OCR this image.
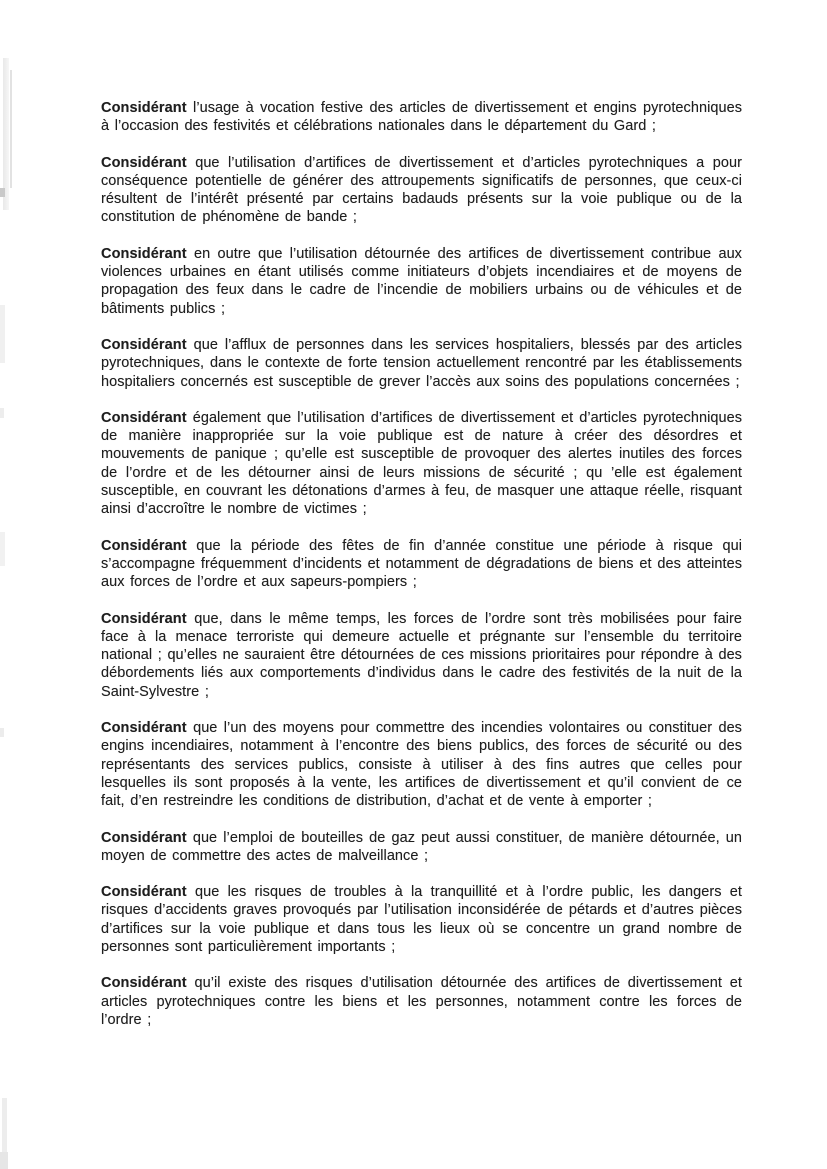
Considérant l’usage à vocation festive des articles de divertissement et engins pyrotechniques à l’occasion des festivités et célébrations nationales dans le département du Gard ;

Considérant que l’utilisation d’artifices de divertissement et d’articles pyrotechniques a pour conséquence potentielle de générer des attroupements significatifs de personnes, que ceux-ci résultent de l’intérêt présenté par certains badauds présents sur la voie publique ou de la constitution de phénomène de bande ;

Considérant en outre que l’utilisation détournée des artifices de divertissement contribue aux violences urbaines en étant utilisés comme initiateurs d’objets incendiaires et de moyens de propagation des feux dans le cadre de l’incendie de mobiliers urbains ou de véhicules et de bâtiments publics ;

Considérant que l’afflux de personnes dans les services hospitaliers, blessés par des articles pyrotechniques, dans le contexte de forte tension actuellement rencontré par les établissements hospitaliers concernés est susceptible de grever l’accès aux soins des populations concernées ;

Considérant également que l’utilisation d’artifices de divertissement et d’articles pyrotechniques de manière inappropriée sur la voie publique est de nature à créer des désordres et mouvements de panique ; qu’elle est susceptible de provoquer des alertes inutiles des forces de l’ordre et de les détourner ainsi de leurs missions de sécurité ; qu ’elle est également susceptible, en couvrant les détonations d’armes à feu, de masquer une attaque réelle, risquant ainsi d’accroître le nombre de victimes ;

Considérant que la période des fêtes de fin d’année constitue une période à risque qui s’accompagne fréquemment d’incidents et notamment de dégradations de biens et des atteintes aux forces de l’ordre et aux sapeurs-pompiers ;

Considérant que, dans le même temps, les forces de l’ordre sont très mobilisées pour faire face à la menace terroriste qui demeure actuelle et prégnante sur l’ensemble du territoire national ; qu’elles ne sauraient être détournées de ces missions prioritaires pour répondre à des débordements liés aux comportements d’individus dans le cadre des festivités de la nuit de la Saint-Sylvestre ;

Considérant que l’un des moyens pour commettre des incendies volontaires ou constituer des engins incendiaires, notamment à l’encontre des biens publics, des forces de sécurité ou des représentants des services publics, consiste à utiliser à des fins autres que celles pour lesquelles ils sont proposés à la vente, les artifices de divertissement et qu’il convient de ce fait, d’en restreindre les conditions de distribution, d’achat et de vente à emporter ;

Considérant que l’emploi de bouteilles de gaz peut aussi constituer, de manière détournée, un moyen de commettre des actes de malveillance ;

Considérant que les risques de troubles à la tranquillité et à l’ordre public, les dangers et risques d’accidents graves provoqués par l’utilisation inconsidérée de pétards et d’autres pièces d’artifices sur la voie publique et dans tous les lieux où se concentre un grand nombre de personnes sont particulièrement importants ;

Considérant qu’il existe des risques d’utilisation détournée des artifices de divertissement et articles pyrotechniques contre les biens et les personnes, notamment contre les forces de l’ordre ;
